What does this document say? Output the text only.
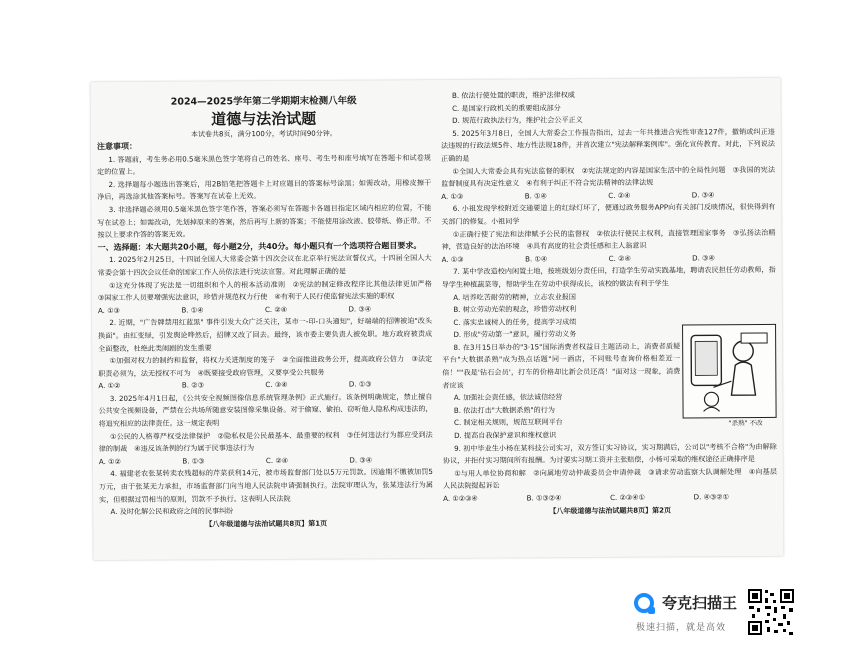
2024—2025学年第二学期期末检测八年级
道德与法治试题
本试卷共8页，满分100分，考试时间90分钟。
注意事项：

1. 答题前，考生务必用0.5毫米黑色签字笔将自己的姓名、座号、考生号和座号填写在答题卡和试卷规定的位置上。

2. 选择题每小题选出答案后，用2B铅笔把答题卡上对应题目的答案标号涂黑；如需改动，用橡皮擦干净后，再选涂其他答案标号。答案写在试卷上无效。

3. 非选择题必须用0.5毫米黑色签字笔作答，答案必须写在答题卡各题目指定区域内相应的位置，不能写在试卷上；如需改动，先划掉原来的答案，然后再写上新的答案；不能使用涂改液、胶带纸、修正带。不按以上要求作答的答案无效。

一、选择题：本大题共20小题，每小题2分，共40分。每小题只有一个选项符合题目要求。

1. 2025年2月25日，十四届全国人大常委会第十四次会议在北京举行宪法宣誓仪式，十四届全国人大常委会第十四次会议任命的国家工作人员依法进行宪法宣誓。对此理解正确的是

①这充分体现了宪法是一切组织和个人的根本活动准则　②宪法的制定修改程序比其他法律更加严格　③国家工作人员要增强宪法意识，珍惜并规范权力行使　④有利于人民行使监督宪法实施的职权

A. ①③	B. ①④	C. ②④	D. ③④

2. 近期，"广告牌禁用红蓝黑" 事件引发大众广泛关注，某市一-印-口头通知"，好端端的招牌被迫"改头换面"。由红变绿，引发舆论哗然后，招牌又改了回去。最终，该市委主要负责人被免职。地方政府被责成全面整改，杜绝此类闹剧的发生重要

①加强对权力的制约和监督，将权力关进制度的笼子　②全面推进政务公开，提高政府公信力　③法定职责必须为，法无授权不可为　④既要接受政府管理，又要享受公共服务

A. ①②	B. ②③	C. ③④	D. ①③

3. 2025年4月1日起，《公共安全视频图像信息系统管理条例》正式施行。该条例明确规定，禁止擅自公共安全视频设备，严禁在公共场所随意安装图像采集设备。对于偷窥、偷拍、窃听他人隐私构成违法的，将追究相应的法律责任。这一规定表明

①公民的人格尊严权受法律保护　②隐私权是公民最基本、最重要的权利　③任何违法行为都应受到法律的制裁　④违反该条例的行为属于民事违法行为

A. ①②	B. ①③	C. ②④	D. ③④

4. 福建老农张某转卖农残超标的芹菜获利14元，被市场监督部门处以5万元罚款。因逾期不缴被加罚5万元，由于张某无力承担，市场监督部门向当地人民法院申请强制执行。法院审理认为，张某违法行为属实，但根据过罚相当的原则，罚款不予执行。这表明人民法院

A. 及时化解公民和政府之间的民事纠纷

【八年级道德与法治试题共8页】第1页

B. 依法行使处置的职责，维护法律权威

C. 是国家行政机关的重要组成部分

D. 规范行政执法行为，维护社会公平正义

5. 2025年3月8日，全国人大常委会工作报告指出，过去一年共推进合宪性审查127件，撤销或纠正违法违规的行政法规5件、地方性法规18件，并首次建立"宪法解释案例库"。强化宣传教育。对此，下列说法正确的是

①全国人大常委会具有宪法监督的职权　②宪法规定的内容是国家生活中的全局性问题　③我国的宪法监督制度具有决定性意义　④有利于纠正不符合宪法精神的法律法规

A. ①③	B. ①④	C. ②④	D. ③④

6. 小祖发现学校附近交通要道上的红绿灯坏了，便通过政务服务APP向有关部门反映情况，很快得到有关部门的修复。小祖同学

①正确行使了宪法和法律赋予公民的监督权　②依法行使民主权利，直接管理国家事务　③弘扬法治精神，营造良好的法治环境　④具有高度的社会责任感和主人翁意识

A. ①③	B. ①④	C. ②④	D. ③④

7. 某中学改造校内闲置土地，按班级划分责任田，打造学生劳动实践基地，聘请农民担任劳动教师，指导学生种植蔬菜等，帮助学生在劳动中获得成长，该校的做法有利于学生

A. 培养吃苦耐劳的精神，立志农业报国

B. 树立劳动光荣的观念，珍惜劳动权利

C. 落实忠诚树人的任务，提高学习成绩

D. 形成"劳动第一"意识，履行劳动义务

8. 在3月15日举办的"3·15"国际消费者权益日主题活动上，消费者质疑平台"大数据杀熟"成为热点话题"同一酒店，不同账号查询价格相差近一倍！""我是'钻石会员'，打车的价格却比新会员还高！"面对这一现象，消费者应该

A. 加强社会责任感，依法诚信经营

B. 依法打击"大数据杀熟"的行为

C. 制定相关规则，规范互联网平台

D. 提高自我保护意识和维权意识

9. 初中毕业生小杨在某科技公司实习，双方签订实习协议，实习期满后，公司以"考核不合格"为由解除协议，并拒付实习期间所有报酬。为讨要实习期工资并主张赔偿，小杨可采取的维权途径正确排序是

①与用人单位协商和解　②向属地劳动仲裁委员会申请仲裁　③请求劳动监察大队调解处理　④向基层人民法院提起诉讼

A. ①②③④	B. ①③②④	C. ②③④①	D. ④③②①
【八年级道德与法治试题共8页】第2页
"杀熟" 不改
夸克扫描王
极速扫描，就是高效
